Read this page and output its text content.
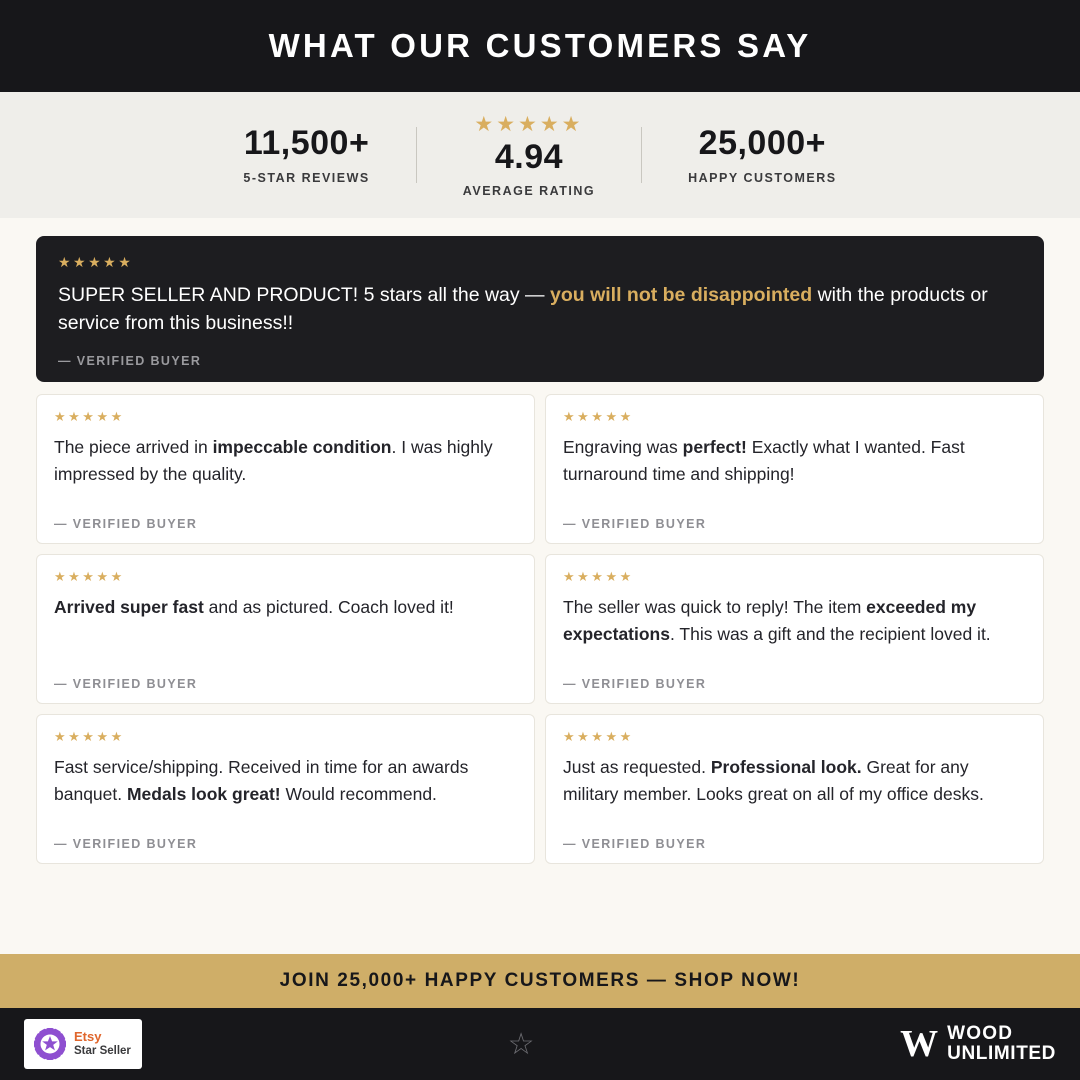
WHAT OUR CUSTOMERS SAY
11,500+
5-STAR REVIEWS
★★★★★
4.94
AVERAGE RATING
25,000+
HAPPY CUSTOMERS
★★★★★
SUPER SELLER AND PRODUCT! 5 stars all the way — you will not be disappointed with the products or service from this business!!
— VERIFIED BUYER
★★★★★
The piece arrived in impeccable condition. I was highly impressed by the quality.
— VERIFIED BUYER
★★★★★
Engraving was perfect! Exactly what I wanted. Fast turnaround time and shipping!
— VERIFIED BUYER
★★★★★
Arrived super fast and as pictured. Coach loved it!
— VERIFIED BUYER
★★★★★
The seller was quick to reply! The item exceeded my expectations. This was a gift and the recipient loved it.
— VERIFIED BUYER
★★★★★
Fast service/shipping. Received in time for an awards banquet. Medals look great! Would recommend.
— VERIFIED BUYER
★★★★★
Just as requested. Professional look. Great for any military member. Looks great on all of my office desks.
— VERIFIED BUYER
JOIN 25,000+ HAPPY CUSTOMERS — SHOP NOW!
Etsy
Star Seller	☆	W WOOD
UNLIMITED
